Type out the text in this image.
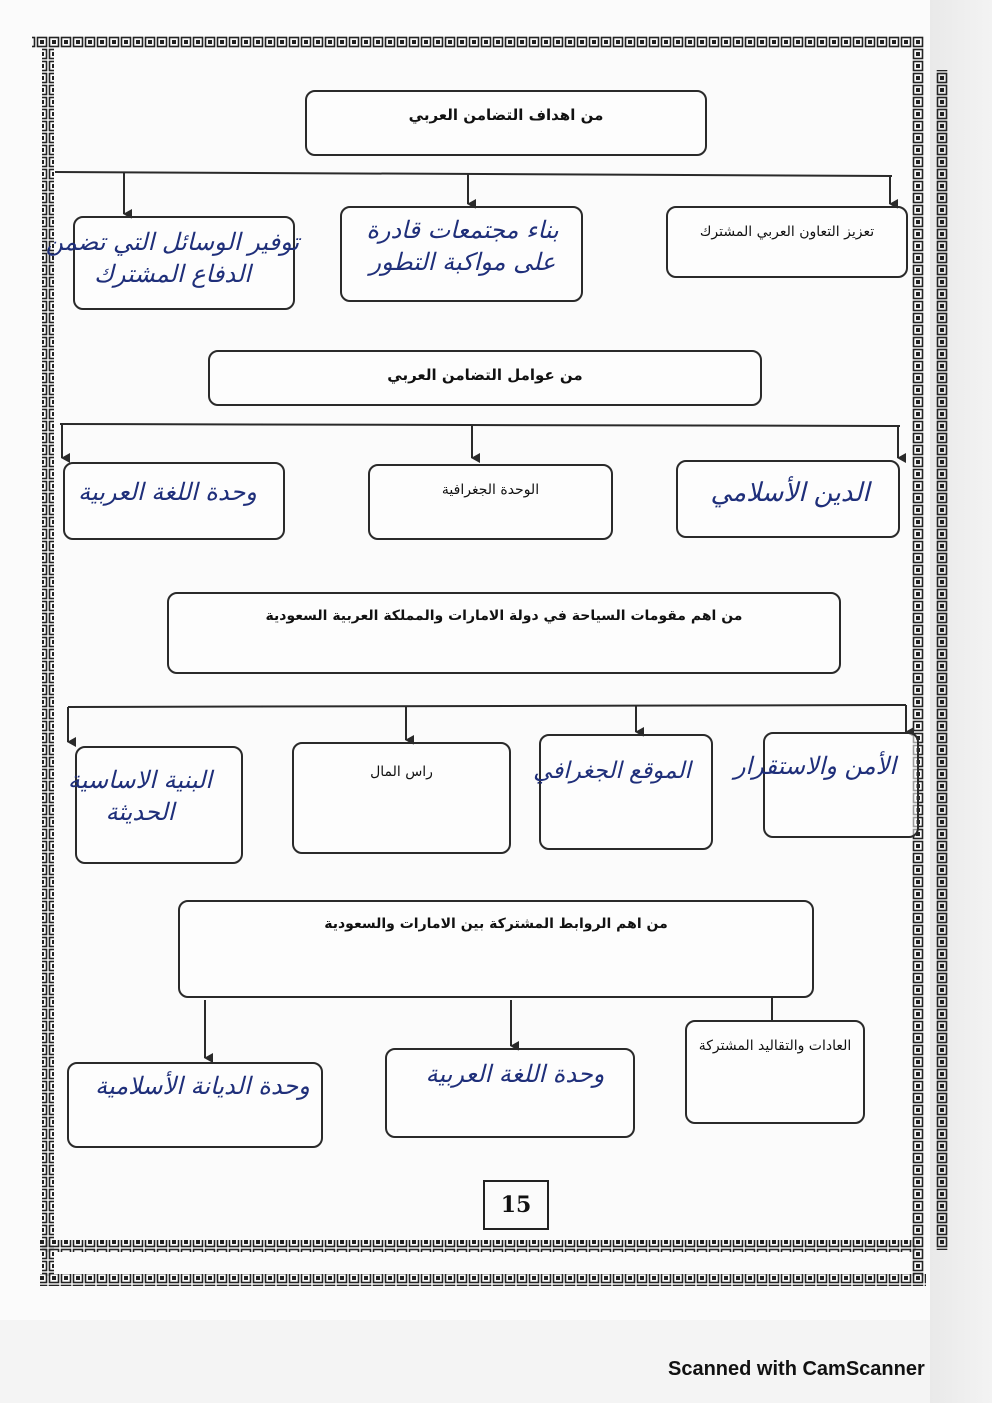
من اهداف التضامن العربي
تعزيز التعاون العربي المشترك
بناء مجتمعات قادرة على مواكبة التطور
توفير الوسائل التي تضمن الدفاع المشترك
من عوامل التضامن العربي
الدين الأسلامي
الوحدة الجغرافية
وحدة اللغة العربية
من اهم مقومات السياحة في دولة الامارات والمملكة العربية السعودية
الأمن والاستقرار
الموقع الجغرافي
راس المال
البنية الاساسية الحديثة
من اهم الروابط المشتركة بين الامارات والسعودية
العادات والتقاليد المشتركة
وحدة اللغة العربية
وحدة الديانة الأسلامية
15
Scanned with CamScanner
